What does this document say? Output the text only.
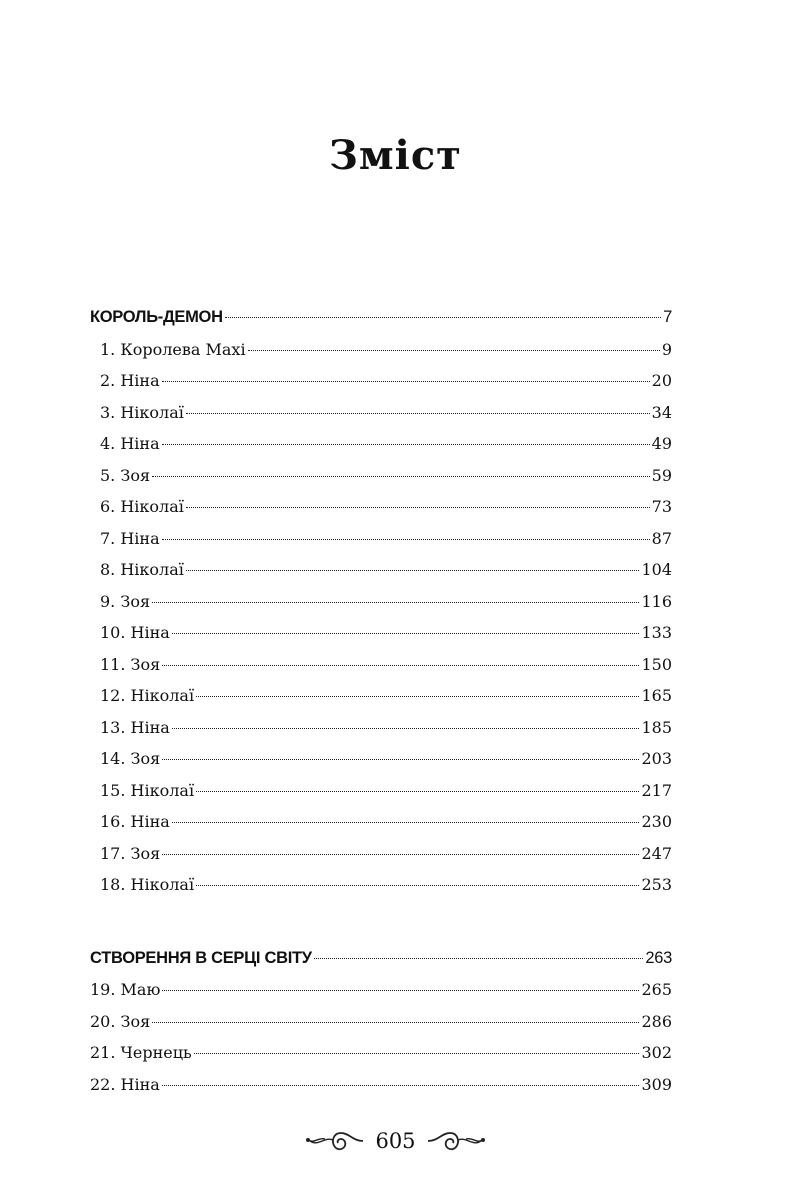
Зміст
КОРОЛЬ-ДЕМОН	7
1. Королева Махі	9
2. Ніна	20
3. Ніколаї	34
4. Ніна	49
5. Зоя	59
6. Ніколаї	73
7. Ніна	87
8. Ніколаї	104
9. Зоя	116
10. Ніна	133
11. Зоя	150
12. Ніколаї	165
13. Ніна	185
14. Зоя	203
15. Ніколаї	217
16. Ніна	230
17. Зоя	247
18. Ніколаї	253
СТВОРЕННЯ В СЕРЦІ СВІТУ	263
19. Маю	265
20. Зоя	286
21. Чернець	302
22. Ніна	309
605
